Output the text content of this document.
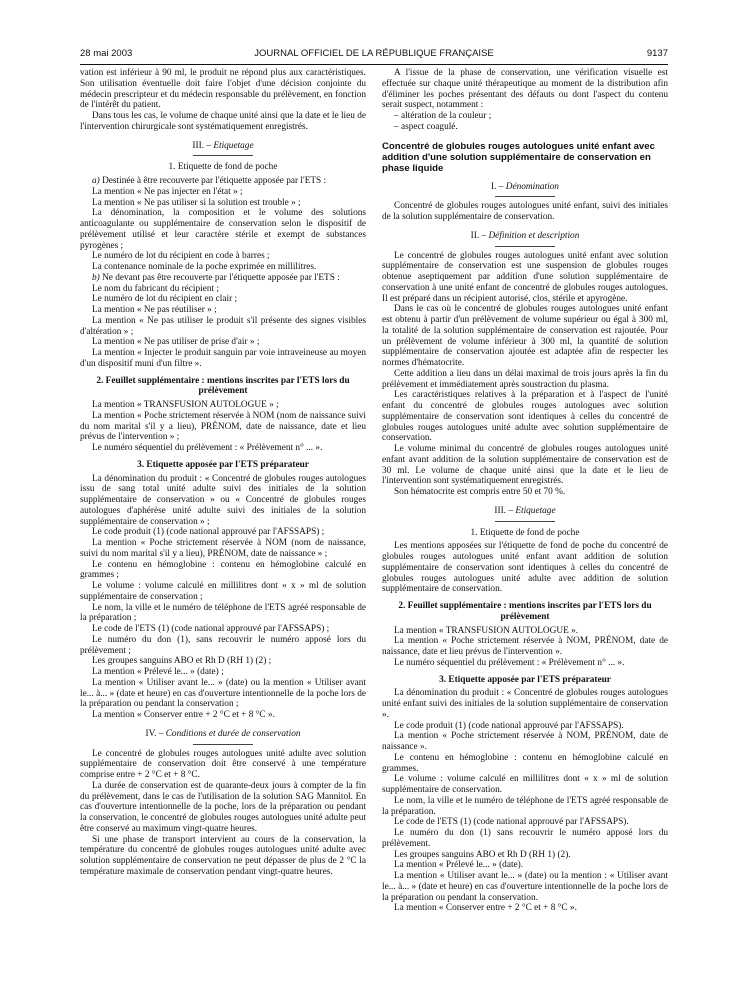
28 mai 2003	JOURNAL OFFICIEL DE LA RÉPUBLIQUE FRANÇAISE	9137

vation est inférieur à 90 ml, le produit ne répond plus aux caractéristiques. Son utilisation éventuelle doit faire l'objet d'une décision conjointe du médecin prescripteur et du médecin responsable du prélèvement, en fonction de l'intérêt du patient.

Dans tous les cas, le volume de chaque unité ainsi que la date et le lieu de l'intervention chirurgicale sont systématiquement enregistrés.

III. – Etiquetage
1. Etiquette de fond de poche

a) Destinée à être recouverte par l'étiquette apposée par l'ETS :

La mention « Ne pas injecter en l'état » ;

La mention « Ne pas utiliser si la solution est trouble » ;

La dénomination, la composition et le volume des solutions anticoagulante ou supplémentaire de conservation selon le dispositif de prélèvement utilisé et leur caractère stérile et exempt de substances pyrogènes ;

Le numéro de lot du récipient en code à barres ;

La contenance nominale de la poche exprimée en millilitres.

b) Ne devant pas être recouverte par l'étiquette apposée par l'ETS :

Le nom du fabricant du récipient ;

Le numéro de lot du récipient en clair ;

La mention « Ne pas réutiliser » ;

La mention « Ne pas utiliser le produit s'il présente des signes visibles d'altération » ;

La mention « Ne pas utiliser de prise d'air » ;

La mention « Injecter le produit sanguin par voie intraveineuse au moyen d'un dispositif muni d'un filtre ».

2. Feuillet supplémentaire : mentions inscrites par l'ETS lors du prélèvement

La mention « TRANSFUSION AUTOLOGUE » ;

La mention « Poche strictement réservée à NOM (nom de naissance suivi du nom marital s'il y a lieu), PRÉNOM, date de naissance, date et lieu prévus de l'intervention » ;

Le numéro séquentiel du prélèvement : « Prélèvement n° ... ».

3. Etiquette apposée par l'ETS préparateur

La dénomination du produit : « Concentré de globules rouges autologues issu de sang total unité adulte suivi des initiales de la solution supplémentaire de conservation » ou « Concentré de globules rouges autologues d'aphérèse unité adulte suivi des initiales de la solution supplémentaire de conservation » ;

Le code produit (1) (code national approuvé par l'AFSSAPS) ;

La mention « Poche strictement réservée à NOM (nom de naissance, suivi du nom marital s'il y a lieu), PRÉNOM, date de naissance » ;

Le contenu en hémoglobine : contenu en hémoglobine calculé en grammes ;

Le volume : volume calculé en millilitres dont « x » ml de solution supplémentaire de conservation ;

Le nom, la ville et le numéro de téléphone de l'ETS agréé responsable de la préparation ;

Le code de l'ETS (1) (code national approuvé par l'AFSSAPS) ;

Le numéro du don (1), sans recouvrir le numéro apposé lors du prélèvement ;

Les groupes sanguins ABO et Rh D (RH 1) (2) ;

La mention « Prélevé le... » (date) ;

La mention « Utiliser avant le... » (date) ou la mention « Utiliser avant le... à... » (date et heure) en cas d'ouverture intentionnelle de la poche lors de la préparation ou pendant la conservation ;

La mention « Conserver entre + 2 °C et + 8 °C ».

IV. – Conditions et durée de conservation

Le concentré de globules rouges autologues unité adulte avec solution supplémentaire de conservation doit être conservé à une température comprise entre + 2 °C et + 8 °C.

La durée de conservation est de quarante-deux jours à compter de la fin du prélèvement, dans le cas de l'utilisation de la solution SAG Mannitol. En cas d'ouverture intentionnelle de la poche, lors de la préparation ou pendant la conservation, le concentré de globules rouges autologues unité adulte peut être conservé au maximum vingt-quatre heures.

Si une phase de transport intervient au cours de la conservation, la température du concentré de globules rouges autologues unité adulte avec solution supplémentaire de conservation ne peut dépasser de plus de 2 °C la température maximale de conservation pendant vingt-quatre heures.

A l'issue de la phase de conservation, une vérification visuelle est effectuée sur chaque unité thérapeutique au moment de la distribution afin d'éliminer les poches présentant des défauts ou dont l'aspect du contenu serait suspect, notamment :

– altération de la couleur ;

– aspect coagulé.

Concentré de globules rouges autologues unité enfant avec addition d'une solution supplémentaire de conservation en phase liquide
I. – Dénomination

Concentré de globules rouges autologues unité enfant, suivi des initiales de la solution supplémentaire de conservation.

II. – Définition et description

Le concentré de globules rouges autologues unité enfant avec solution supplémentaire de conservation est une suspension de globules rouges obtenue aseptiquement par addition d'une solution supplémentaire de conservation à une unité enfant de concentré de globules rouges autologues. Il est préparé dans un récipient autorisé, clos, stérile et apyrogène.

Dans le cas où le concentré de globules rouges autologues unité enfant est obtenu à partir d'un prélèvement de volume supérieur ou égal à 300 ml, la totalité de la solution supplémentaire de conservation est rajoutée. Pour un prélèvement de volume inférieur à 300 ml, la quantité de solution supplémentaire de conservation ajoutée est adaptée afin de respecter les normes d'hématocrite.

Cette addition a lieu dans un délai maximal de trois jours après la fin du prélèvement et immédiatement après soustraction du plasma.

Les caractéristiques relatives à la préparation et à l'aspect de l'unité enfant du concentré de globules rouges autologues avec solution supplémentaire de conservation sont identiques à celles du concentré de globules rouges autologues unité adulte avec solution supplémentaire de conservation.

Le volume minimal du concentré de globules rouges autologues unité enfant avant addition de la solution supplémentaire de conservation est de 30 ml. Le volume de chaque unité ainsi que la date et le lieu de l'intervention sont systématiquement enregistrés.

Son hématocrite est compris entre 50 et 70 %.

III. – Etiquetage
1. Etiquette de fond de poche

Les mentions apposées sur l'étiquette de fond de poche du concentré de globules rouges autologues unité enfant avant addition de solution supplémentaire de conservation sont identiques à celles du concentré de globules rouges autologues unité adulte avec addition de solution supplémentaire de conservation.

2. Feuillet supplémentaire : mentions inscrites par l'ETS lors du prélèvement

La mention « TRANSFUSION AUTOLOGUE ».

La mention « Poche strictement réservée à NOM, PRÉNOM, date de naissance, date et lieu prévus de l'intervention ».

Le numéro séquentiel du prélèvement : « Prélèvement n° ... ».

3. Etiquette apposée par l'ETS préparateur

La dénomination du produit : « Concentré de globules rouges autologues unité enfant suivi des initiales de la solution supplémentaire de conservation ».

Le code produit (1) (code national approuvé par l'AFSSAPS).

La mention « Poche strictement réservée à NOM, PRÉNOM, date de naissance ».

Le contenu en hémoglobine : contenu en hémoglobine calculé en grammes.

Le volume : volume calculé en millilitres dont « x » ml de solution supplémentaire de conservation.

Le nom, la ville et le numéro de téléphone de l'ETS agréé responsable de la préparation.

Le code de l'ETS (1) (code national approuvé par l'AFSSAPS).

Le numéro du don (1) sans recouvrir le numéro apposé lors du prélèvement.

Les groupes sanguins ABO et Rh D (RH 1) (2).

La mention « Prélevé le... » (date).

La mention « Utiliser avant le... » (date) ou la mention : « Utiliser avant le... à... » (date et heure) en cas d'ouverture intentionnelle de la poche lors de la préparation ou pendant la conservation.

La mention « Conserver entre + 2 °C et + 8 °C ».
